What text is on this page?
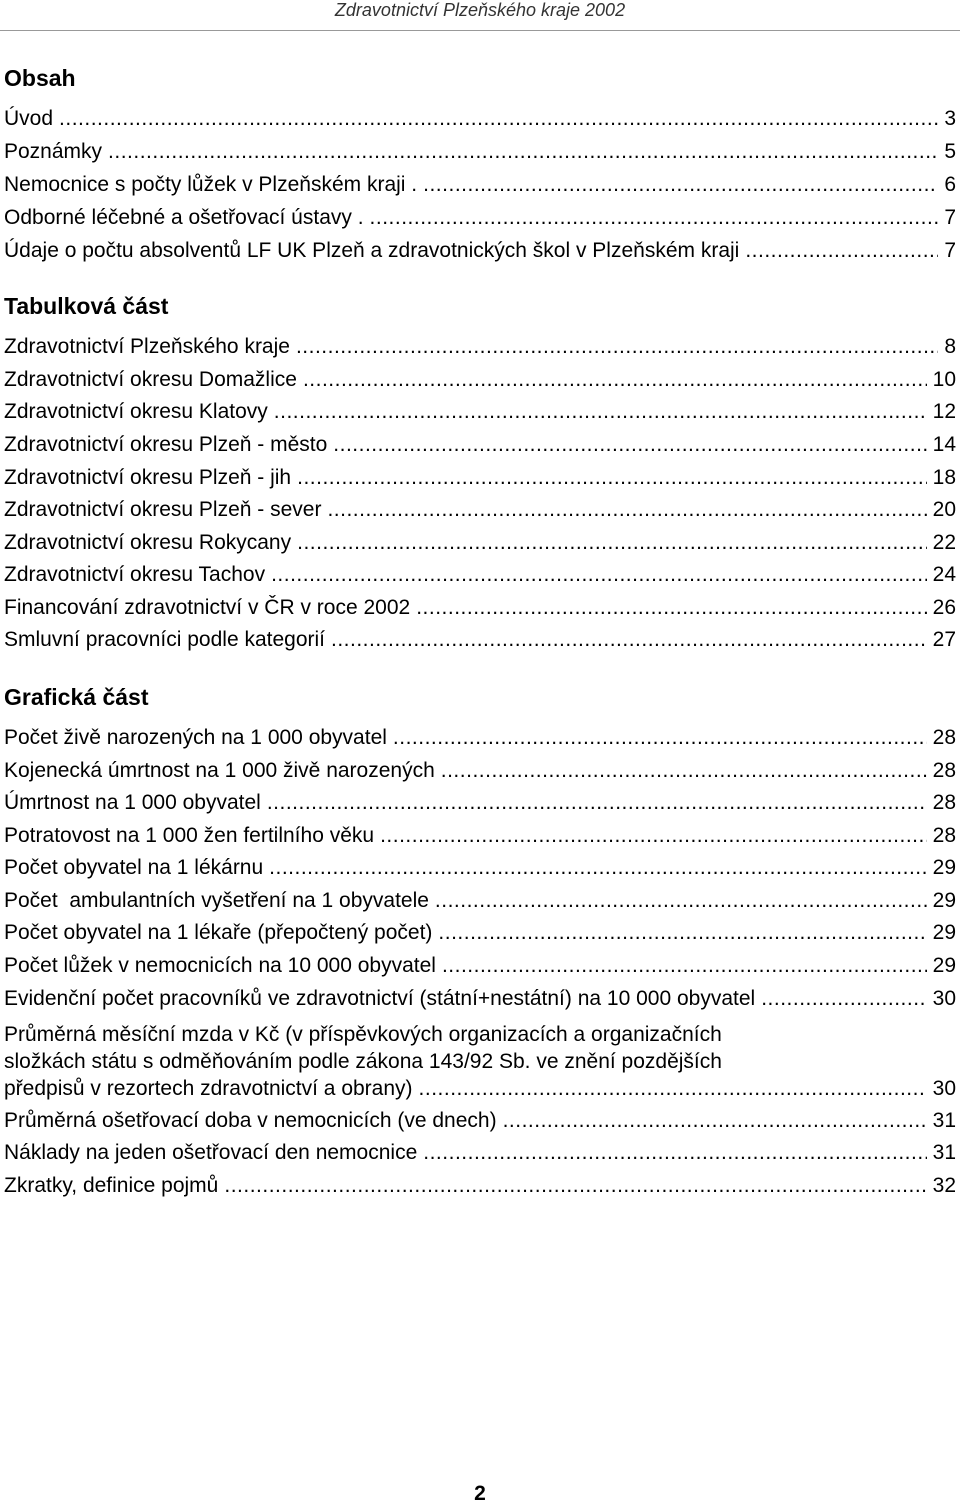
Zdravotnictví Plzeňského kraje 2002
Obsah
Úvod .....	3
Poznámky .....	5
Nemocnice s počty lůžek v Plzeňském kraji . .....	6
Odborné léčebné a ošetřovací ústavy . .....	7
Údaje o počtu absolventů LF UK Plzeň a zdravotnických škol v Plzeňském kraji .....	7
Tabulková část
Zdravotnictví Plzeňského kraje .....	8
Zdravotnictví okresu Domažlice .....	10
Zdravotnictví okresu Klatovy .....	12
Zdravotnictví okresu Plzeň - město .....	14
Zdravotnictví okresu Plzeň - jih .....	18
Zdravotnictví okresu Plzeň - sever .....	20
Zdravotnictví okresu Rokycany .....	22
Zdravotnictví okresu Tachov .....	24
Financování zdravotnictví v ČR v roce 2002 .....	26
Smluvní pracovníci podle kategorií .....	27
Grafická část
Počet živě narozených na 1 000 obyvatel .....	28
Kojenecká úmrtnost na 1 000 živě narozených .....	28
Úmrtnost na 1 000 obyvatel .....	28
Potratovost na 1 000 žen fertilního věku .....	28
Počet obyvatel na 1 lékárnu .....	29
Počet  ambulantních vyšetření na 1 obyvatele .....	29
Počet obyvatel na 1 lékaře (přepočtený počet) .....	29
Počet lůžek v nemocnicích na 10 000 obyvatel .....	29
Evidenční počet pracovníků ve zdravotnictví (státní+nestátní) na 10 000 obyvatel .....	30
Průměrná měsíční mzda v Kč (v příspěvkových organizacích a organizačních
složkách státu s odměňováním podle zákona 143/92 Sb. ve znění pozdějších
předpisů v rezortech zdravotnictví a obrany) .....	30
Průměrná ošetřovací doba v nemocnicích (ve dnech) .....	31
Náklady na jeden ošetřovací den nemocnice .....	31
Zkratky, definice pojmů .....	32
2
